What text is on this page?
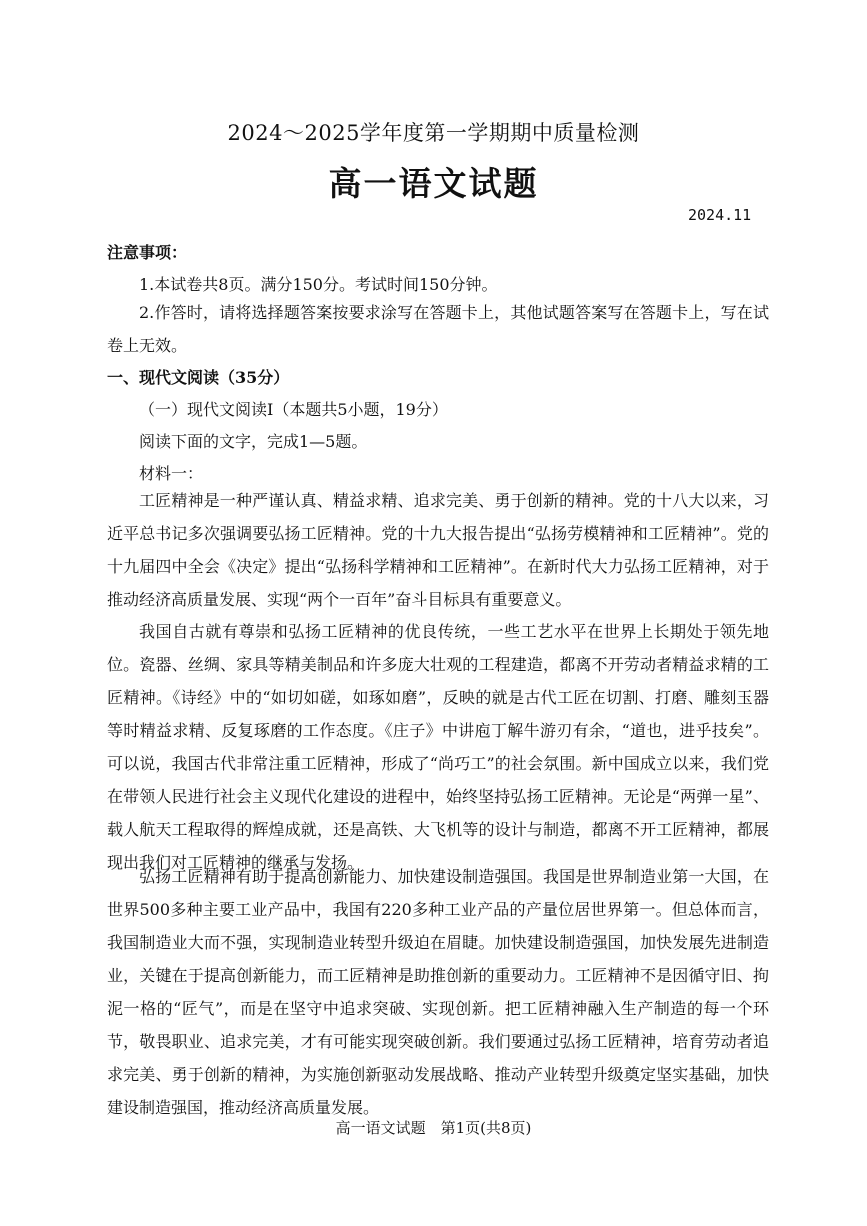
2024～2025学年度第一学期期中质量检测
高一语文试题
2024.11
注意事项：
1.本试卷共8页。满分150分。考试时间150分钟。
2.作答时，请将选择题答案按要求涂写在答题卡上，其他试题答案写在答题卡上，写在试卷上无效。
一、现代文阅读（35分）
（一）现代文阅读Ⅰ（本题共5小题，19分）
阅读下面的文字，完成1—5题。
材料一：
工匠精神是一种严谨认真、精益求精、追求完美、勇于创新的精神。党的十八大以来，习近平总书记多次强调要弘扬工匠精神。党的十九大报告提出“弘扬劳模精神和工匠精神”。党的十九届四中全会《决定》提出“弘扬科学精神和工匠精神”。在新时代大力弘扬工匠精神，对于推动经济高质量发展、实现“两个一百年”奋斗目标具有重要意义。
我国自古就有尊崇和弘扬工匠精神的优良传统，一些工艺水平在世界上长期处于领先地位。瓷器、丝绸、家具等精美制品和许多庞大壮观的工程建造，都离不开劳动者精益求精的工匠精神。《诗经》中的“如切如磋，如琢如磨”，反映的就是古代工匠在切割、打磨、雕刻玉器等时精益求精、反复琢磨的工作态度。《庄子》中讲庖丁解牛游刃有余，“道也，进乎技矣”。可以说，我国古代非常注重工匠精神，形成了“尚巧工”的社会氛围。新中国成立以来，我们党在带领人民进行社会主义现代化建设的进程中，始终坚持弘扬工匠精神。无论是“两弹一星”、载人航天工程取得的辉煌成就，还是高铁、大飞机等的设计与制造，都离不开工匠精神，都展现出我们对工匠精神的继承与发扬。
弘扬工匠精神有助于提高创新能力、加快建设制造强国。我国是世界制造业第一大国，在世界500多种主要工业产品中，我国有220多种工业产品的产量位居世界第一。但总体而言，我国制造业大而不强，实现制造业转型升级迫在眉睫。加快建设制造强国，加快发展先进制造业，关键在于提高创新能力，而工匠精神是助推创新的重要动力。工匠精神不是因循守旧、拘泥一格的“匠气”，而是在坚守中追求突破、实现创新。把工匠精神融入生产制造的每一个环节，敬畏职业、追求完美，才有可能实现突破创新。我们要通过弘扬工匠精神，培育劳动者追求完美、勇于创新的精神，为实施创新驱动发展战略、推动产业转型升级奠定坚实基础，加快建设制造强国，推动经济高质量发展。
高一语文试题　第1页(共8页)
